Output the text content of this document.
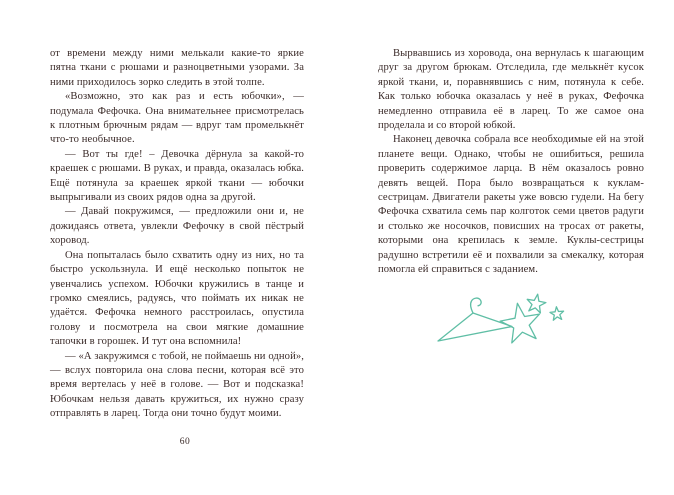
от времени между ними мелькали какие-то яркие пятна ткани с рюшами и разноцветными узорами. За ними приходилось зорко следить в этой толпе.

«Возможно, это как раз и есть юбочки», — подумала Фефочка. Она внимательнее присмотрелась к плотным брючным рядам — вдруг там промелькнёт что-то необычное.

— Вот ты где! – Девочка дёрнула за какой-то краешек с рюшами. В руках, и правда, оказалась юбка. Ещё потянула за краешек яркой ткани — юбочки выпрыгивали из своих рядов одна за другой.

— Давай покружимся, — предложили они и, не дожидаясь ответа, увлекли Фефочку в свой пёстрый хоровод.

Она попыталась было схватить одну из них, но та быстро ускользнула. И ещё несколько попыток не увенчались успехом. Юбочки кружились в танце и громко смеялись, радуясь, что поймать их никак не удаётся. Фефочка немного расстроилась, опустила голову и посмотрела на свои мягкие домашние тапочки в горошек. И тут она вспомнила!

— «А закружимся с тобой, не поймаешь ни одной», — вслух повторила она слова песни, которая всё это время вертелась у неё в голове. — Вот и подсказка! Юбочкам нельзя давать кружиться, их нужно сразу отправлять в ларец. Тогда они точно будут моими.

60

Вырвавшись из хоровода, она вернулась к шагающим друг за другом брюкам. Отследила, где мелькнёт кусок яркой ткани, и, поравнявшись с ним, потянула к себе. Как только юбочка оказалась у неё в руках, Фефочка немедленно отправила её в ларец. То же самое она проделала и со второй юбкой.

Наконец девочка собрала все необходимые ей на этой планете вещи. Однако, чтобы не ошибиться, решила проверить содержимое ларца. В нём оказалось ровно девять вещей. Пора было возвращаться к куклам-сестрицам. Двигатели ракеты уже вовсю гудели. На бегу Фефочка схватила семь пар колготок семи цветов радуги и столько же носочков, повисших на тросах от ракеты, которыми она крепилась к земле. Куклы-сестрицы радушно встретили её и похвалили за смекалку, которая помогла ей справиться с заданием.
